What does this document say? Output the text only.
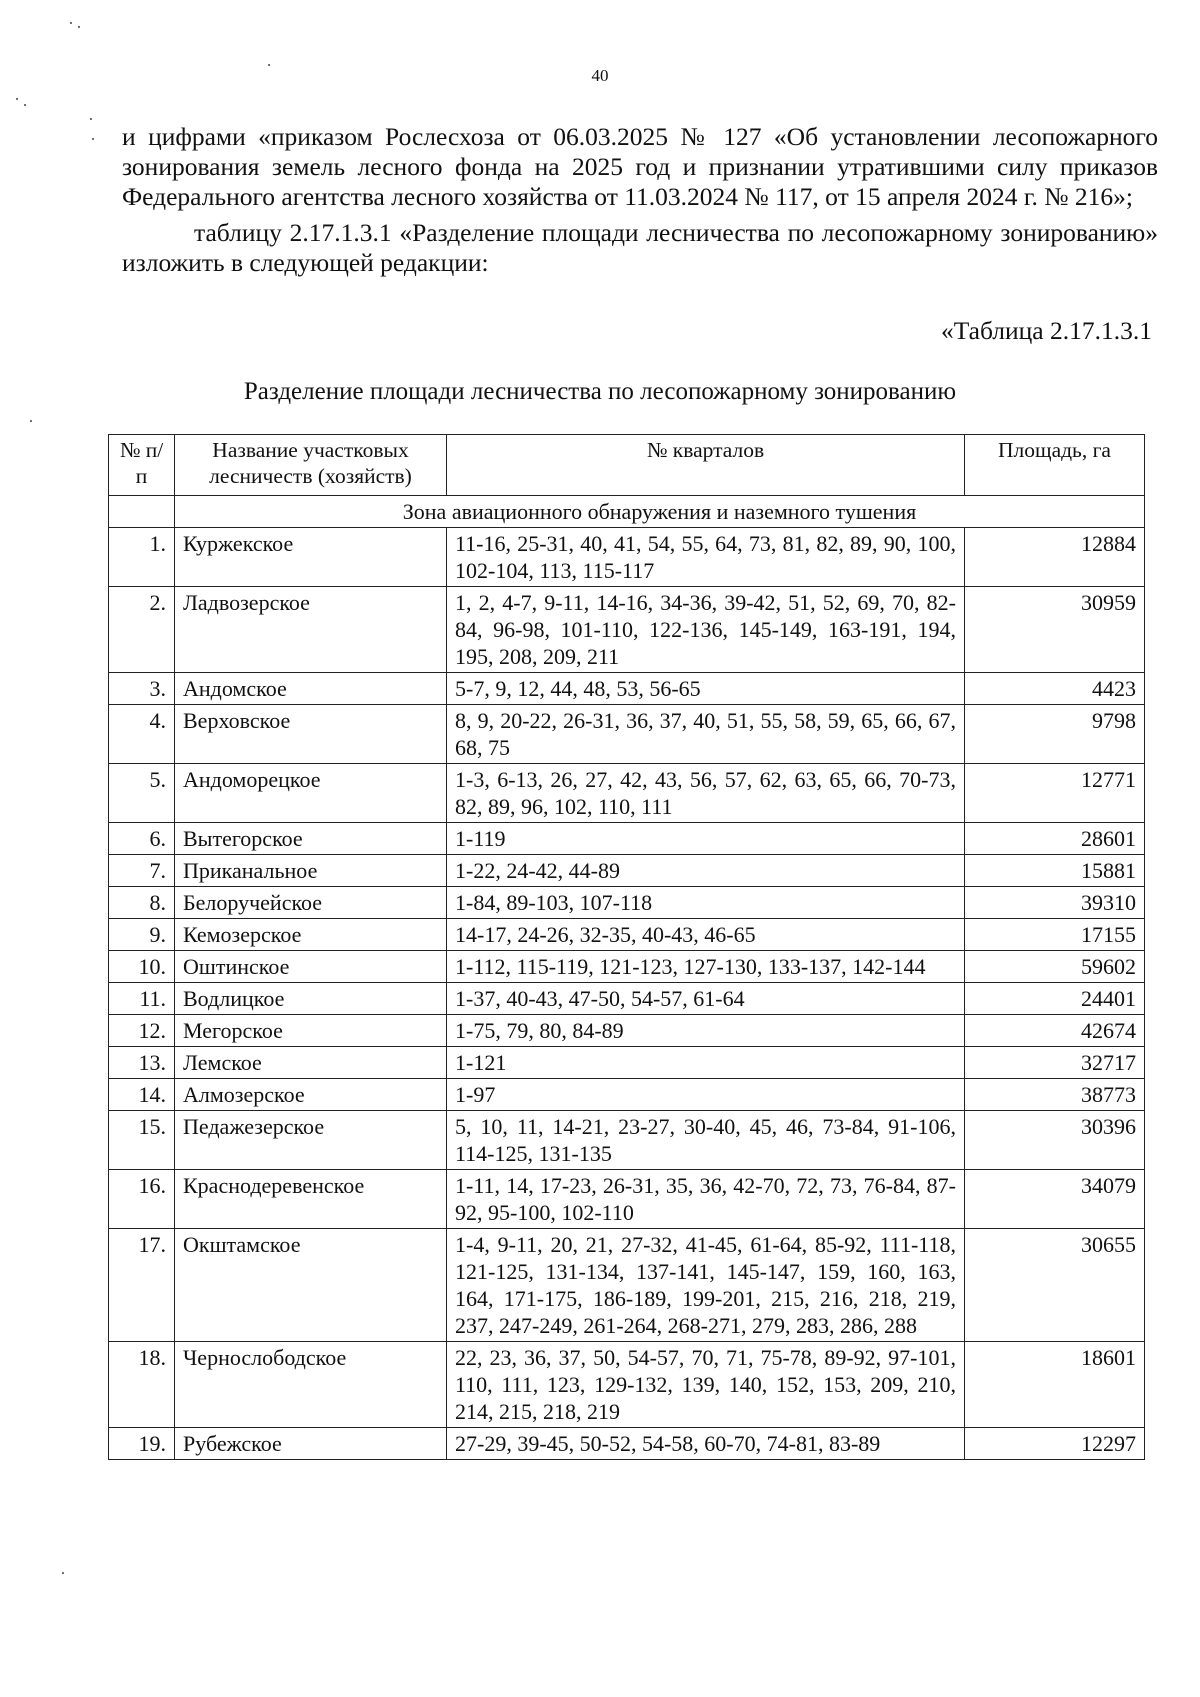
40

и цифрами «приказом Рослесхоза от 06.03.2025 № 127 «Об установлении лесопожарного зонирования земель лесного фонда на 2025 год и признании утратившими силу приказов Федерального агентства лесного хозяйства от 11.03.2024 № 117, от 15 апреля 2024 г. № 216»;

таблицу 2.17.1.3.1 «Разделение площади лесничества по лесопожарному зонированию» изложить в следующей редакции:

«Таблица 2.17.1.3.1
Разделение площади лесничества по лесопожарному зонированию
№ п/п	Название участковых лесничеств (хозяйств)	№ кварталов	Площадь, га
	Зона авиационного обнаружения и наземного тушения		
1.	Куржекское	11-16, 25-31, 40, 41, 54, 55, 64, 73, 81, 82, 89, 90, 100, 102-104, 113, 115-117	12884
2.	Ладвозерское	1, 2, 4-7, 9-11, 14-16, 34-36, 39-42, 51, 52, 69, 70, 82-84, 96-98, 101-110, 122-136, 145-149, 163-191, 194, 195, 208, 209, 211	30959
3.	Андомское	5-7, 9, 12, 44, 48, 53, 56-65	4423
4.	Верховское	8, 9, 20-22, 26-31, 36, 37, 40, 51, 55, 58, 59, 65, 66, 67, 68, 75	9798
5.	Андоморецкое	1-3, 6-13, 26, 27, 42, 43, 56, 57, 62, 63, 65, 66, 70-73, 82, 89, 96, 102, 110, 111	12771
6.	Вытегорское	1-119	28601
7.	Приканальное	1-22, 24-42, 44-89	15881
8.	Белоручейское	1-84, 89-103, 107-118	39310
9.	Кемозерское	14-17, 24-26, 32-35, 40-43, 46-65	17155
10.	Оштинское	1-112, 115-119, 121-123, 127-130, 133-137, 142-144	59602
11.	Водлицкое	1-37, 40-43, 47-50, 54-57, 61-64	24401
12.	Мегорское	1-75, 79, 80, 84-89	42674
13.	Лемское	1-121	32717
14.	Алмозерское	1-97	38773
15.	Педажезерское	5, 10, 11, 14-21, 23-27, 30-40, 45, 46, 73-84, 91-106, 114-125, 131-135	30396
16.	Краснодеревенское	1-11, 14, 17-23, 26-31, 35, 36, 42-70, 72, 73, 76-84, 87- 92, 95-100, 102-110	34079
17.	Окштамское	1-4, 9-11, 20, 21, 27-32, 41-45, 61-64, 85-92, 111-118, 121-125, 131-134, 137-141, 145-147, 159, 160, 163, 164, 171-175, 186-189, 199-201, 215, 216, 218, 219, 237, 247-249, 261-264, 268-271, 279, 283, 286, 288	30655
18.	Чернослободское	22, 23, 36, 37, 50, 54-57, 70, 71, 75-78, 89-92, 97-101, 110, 111, 123, 129-132, 139, 140, 152, 153, 209, 210, 214, 215, 218, 219	18601
19.	Рубежское	27-29, 39-45, 50-52, 54-58, 60-70, 74-81, 83-89	12297
